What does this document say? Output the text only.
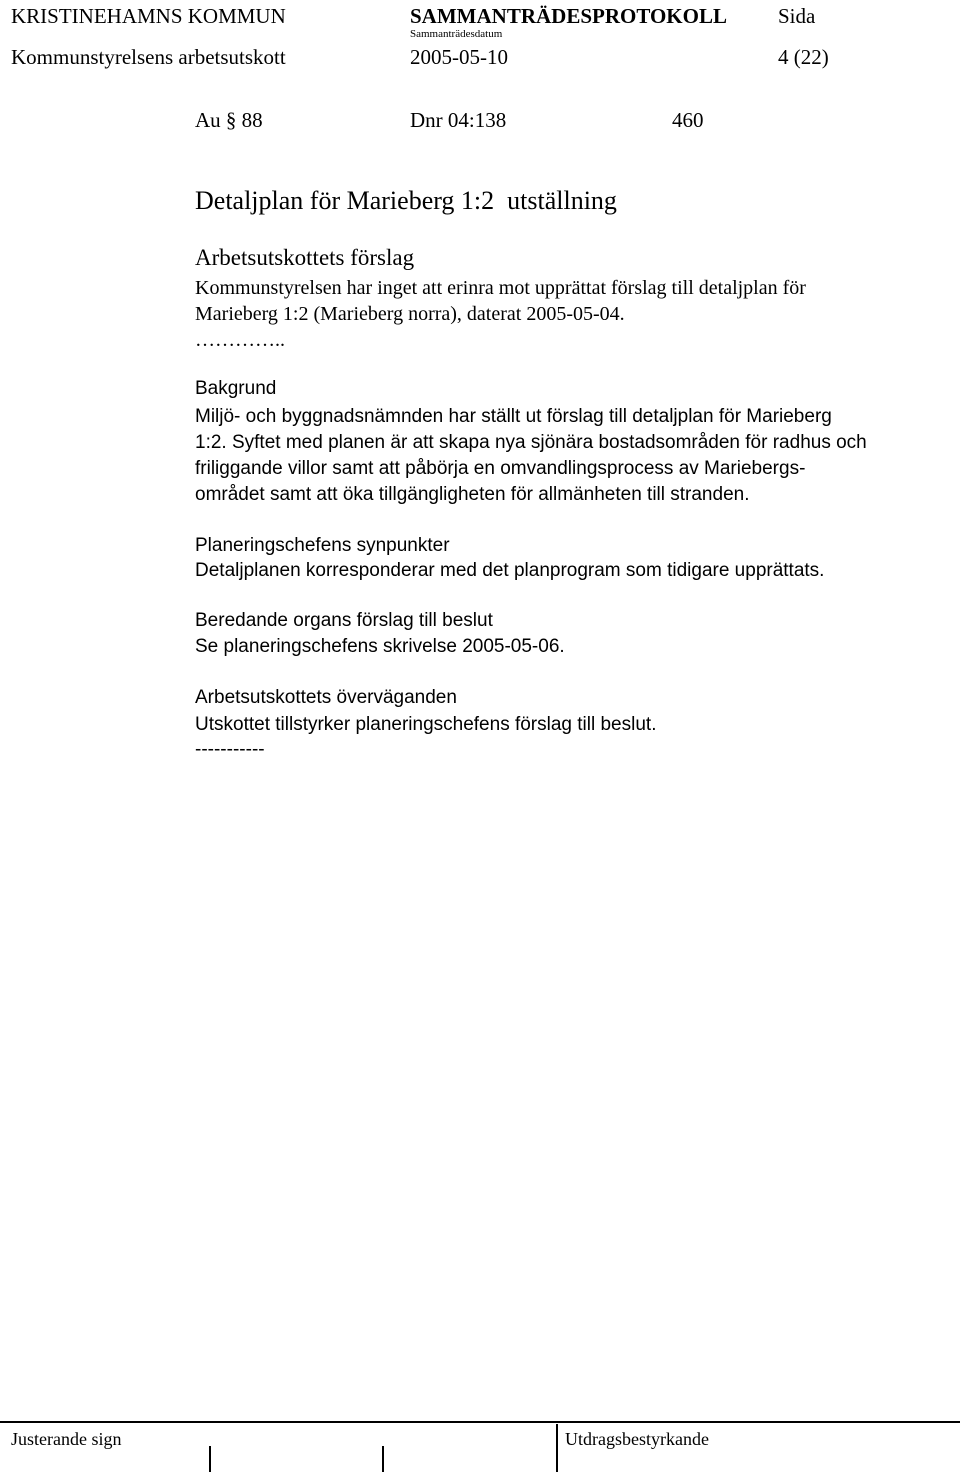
KRISTINEHAMNS KOMMUN	SAMMANTRÄDESPROTOKOLL Sida
Sammanträdesdatum
Kommunstyrelsens arbetsutskott	2005-05-10	4 (22)
Au § 88	Dnr 04:138	460
Detaljplan för Marieberg 1:2  utställning
Arbetsutskottets förslag
Kommunstyrelsen har inget att erinra mot upprättat förslag till detaljplan för
Marieberg 1:2 (Marieberg norra), daterat 2005-05-04.
…………..
Bakgrund
Miljö- och byggnadsnämnden har ställt ut förslag till detaljplan för Marieberg
1:2. Syftet med planen är att skapa nya sjönära bostadsområden för radhus och
friliggande villor samt att påbörja en omvandlingsprocess av Mariebergs-
området samt att öka tillgängligheten för allmänheten till stranden.
Planeringschefens synpunkter
Detaljplanen korresponderar med det planprogram som tidigare upprättats.
Beredande organs förslag till beslut
Se planeringschefens skrivelse 2005-05-06.
Arbetsutskottets överväganden
Utskottet tillstyrker planeringschefens förslag till beslut.
-----------
Justerande sign	Utdragsbestyrkande
